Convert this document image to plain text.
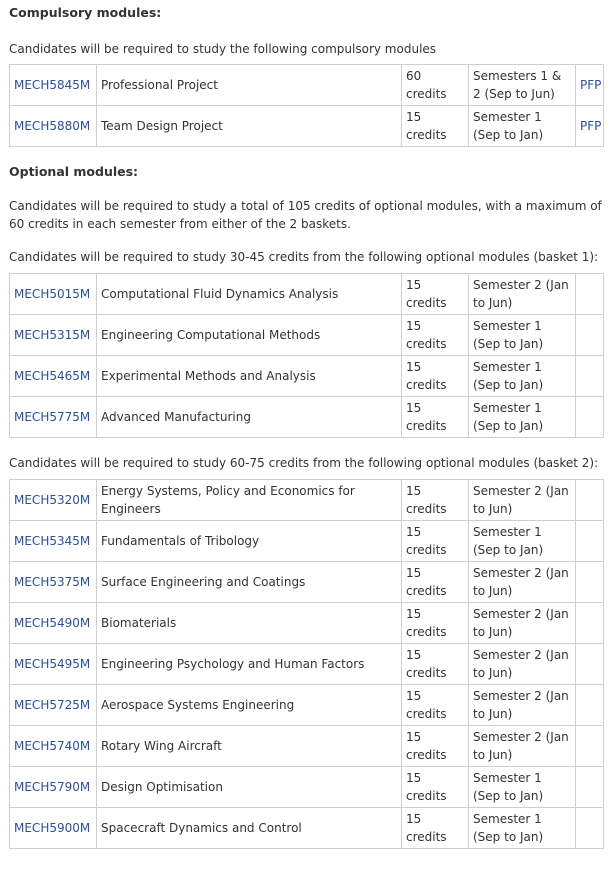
Compulsory modules:

Candidates will be required to study the following compulsory modules

MECH5845M	Professional Project	60 credits	Semesters 1 & 2 (Sep to Jun)	PFP
MECH5880M	Team Design Project	15 credits	Semester 1 (Sep to Jan)	PFP
Optional modules:

Candidates will be required to study a total of 105 credits of optional modules, with a maximum of 60 credits in each semester from either of the 2 baskets.

Candidates will be required to study 30-45 credits from the following optional modules (basket 1):

MECH5015M	Computational Fluid Dynamics Analysis	15 credits	Semester 2 (Jan to Jun)	
MECH5315M	Engineering Computational Methods	15 credits	Semester 1 (Sep to Jan)	
MECH5465M	Experimental Methods and Analysis	15 credits	Semester 1 (Sep to Jan)	
MECH5775M	Advanced Manufacturing	15 credits	Semester 1 (Sep to Jan)	

Candidates will be required to study 60-75 credits from the following optional modules (basket 2):

MECH5320M	Energy Systems, Policy and Economics for Engineers	15 credits	Semester 2 (Jan to Jun)	
MECH5345M	Fundamentals of Tribology	15 credits	Semester 1 (Sep to Jan)	
MECH5375M	Surface Engineering and Coatings	15 credits	Semester 2 (Jan to Jun)	
MECH5490M	Biomaterials	15 credits	Semester 2 (Jan to Jun)	
MECH5495M	Engineering Psychology and Human Factors	15 credits	Semester 2 (Jan to Jun)	
MECH5725M	Aerospace Systems Engineering	15 credits	Semester 2 (Jan to Jun)	
MECH5740M	Rotary Wing Aircraft	15 credits	Semester 2 (Jan to Jun)	
MECH5790M	Design Optimisation	15 credits	Semester 1 (Sep to Jan)	
MECH5900M	Spacecraft Dynamics and Control	15 credits	Semester 1 (Sep to Jan)	
